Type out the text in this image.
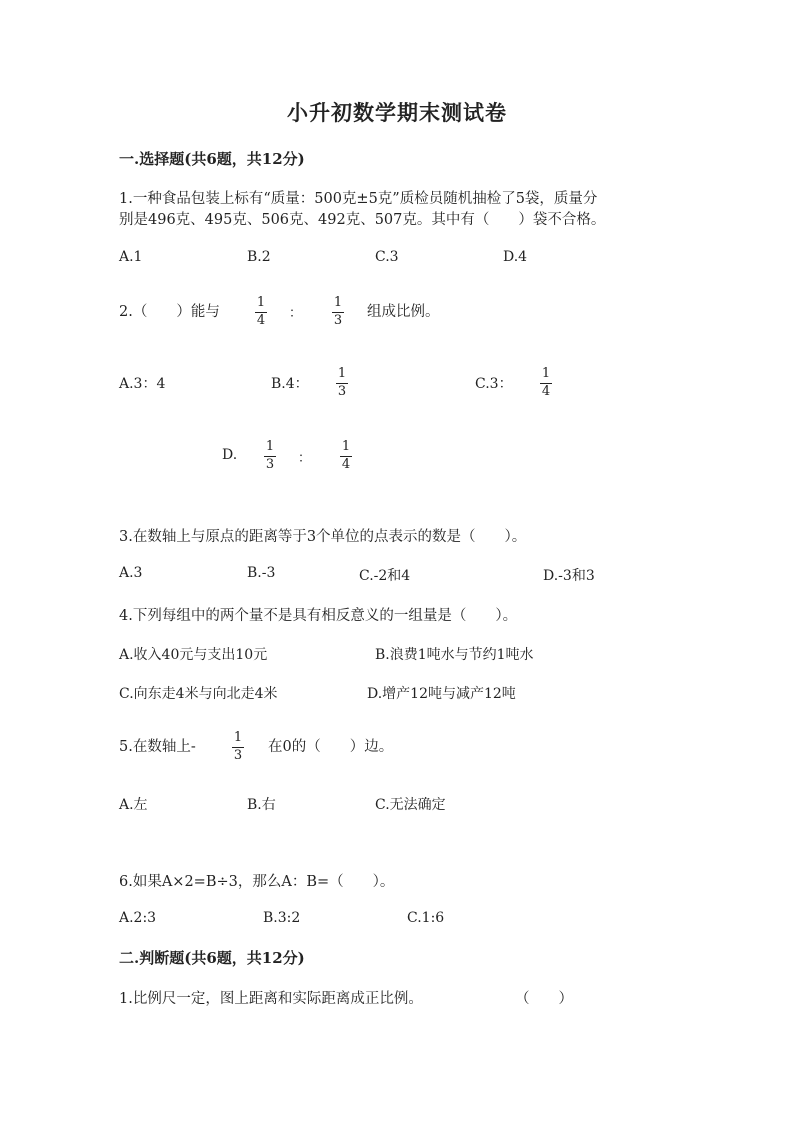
小升初数学期末测试卷
一.选择题(共6题，共12分)
1.一种食品包装上标有“质量：500克±5克”质检员随机抽检了5袋，质量分
别是496克、495克、506克、492克、507克。其中有（　　）袋不合格。
A.1	B.2	C.3	D.4
2.（　　）能与
1
4 ：
1
3
组成比例。
A.3：4	B.4：
1
3	C.3：
1
4
D.
1
3 ：
1
4
3.在数轴上与原点的距离等于3个单位的点表示的数是（　　）。
A.3	B.-3	C.-2和4	D.-3和3
4.下列每组中的两个量不是具有相反意义的一组量是（　　）。
A.收入40元与支出10元	B.浪费1吨水与节约1吨水
C.向东走4米与向北走4米	D.增产12吨与减产12吨
5.在数轴上-
1
3
在0的（　　）边。
A.左	B.右	C.无法确定
6.如果A×2=B÷3，那么A：B=（　　）。
A.2:3	B.3:2	C.1:6
二.判断题(共6题，共12分)
1.比例尺一定，图上距离和实际距离成正比例。	（　　）
